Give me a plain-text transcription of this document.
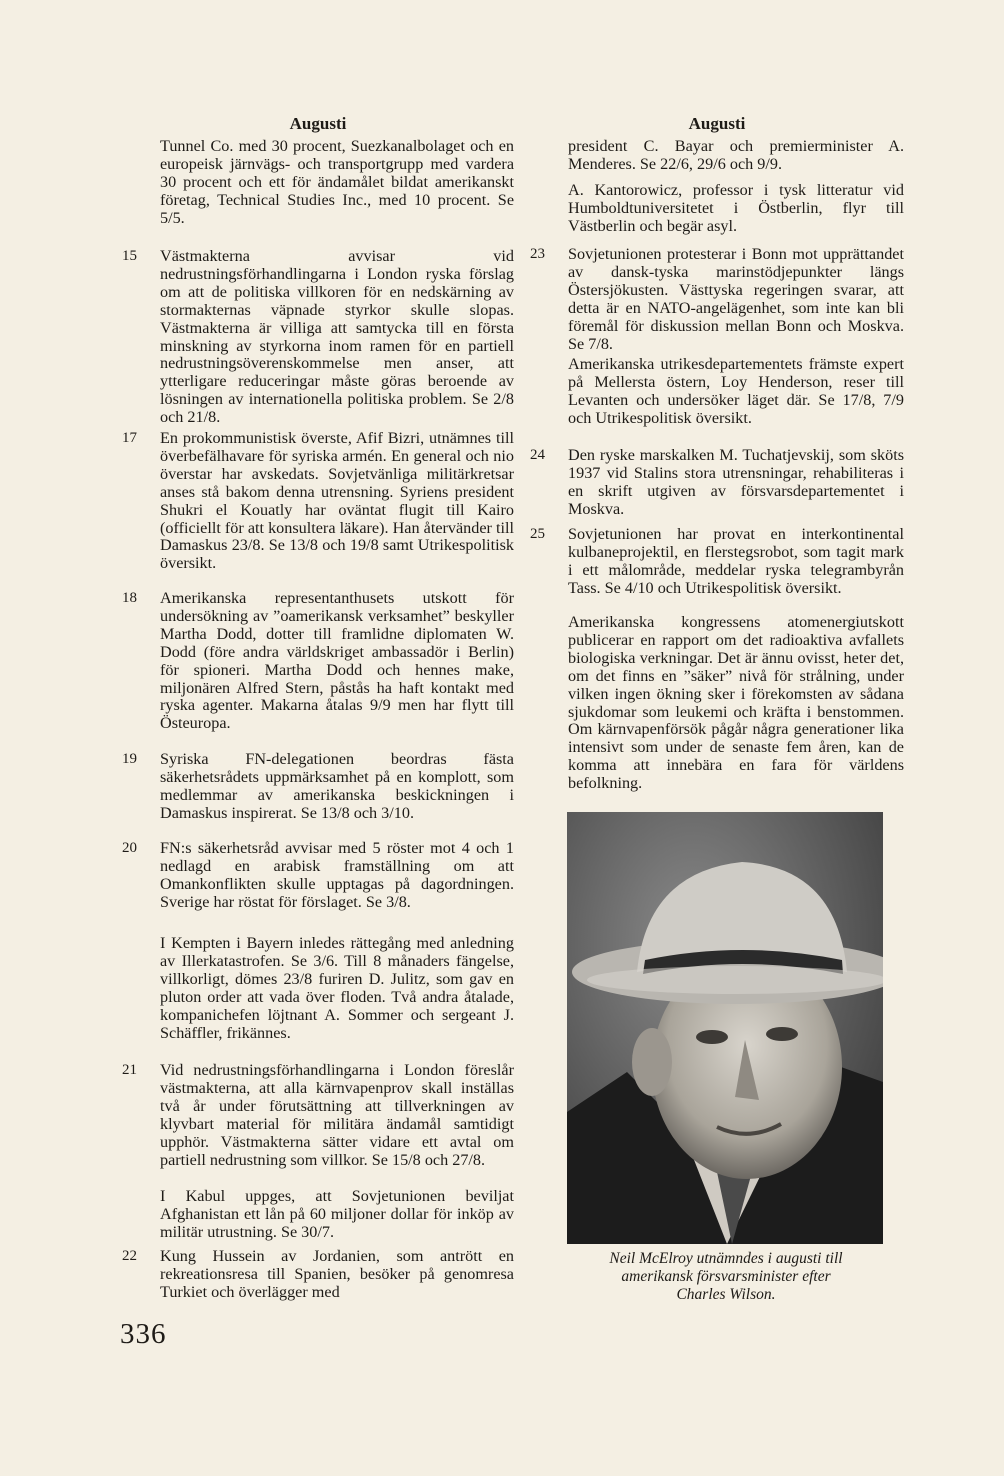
Augusti
Tunnel Co. med 30 procent, Suezkanalbolaget och en europeisk järnvägs- och transportgrupp med vardera 30 procent och ett för ändamålet bildat amerikanskt företag, Technical Studies Inc., med 10 procent. Se 5/5.
15	Västmakterna avvisar vid nedrustningsförhandlingarna i London ryska förslag om att de politiska villkoren för en nedskärning av stormakternas väpnade styrkor skulle slopas. Västmakterna är villiga att samtycka till en första minskning av styrkorna inom ramen för en partiell nedrustningsöverenskommelse men anser, att ytterligare reduceringar måste göras beroende av lösningen av internationella politiska problem. Se 2/8 och 21/8.
17	En prokommunistisk överste, Afif Bizri, utnämnes till överbefälhavare för syriska armén. En general och nio överstar har avskedats. Sovjetvänliga militärkretsar anses stå bakom denna utrensning. Syriens president Shukri el Kouatly har oväntat flugit till Kairo (officiellt för att konsultera läkare). Han återvänder till Damaskus 23/8. Se 13/8 och 19/8 samt Utrikespolitisk översikt.
18	Amerikanska representanthusets utskott för undersökning av ”oamerikansk verksamhet” beskyller Martha Dodd, dotter till framlidne diplomaten W. Dodd (före andra världskriget ambassadör i Berlin) för spioneri. Martha Dodd och hennes make, miljonären Alfred Stern, påstås ha haft kontakt med ryska agenter. Makarna åtalas 9/9 men har flytt till Östeuropa.
19	Syriska FN-delegationen beordras fästa säkerhetsrådets uppmärksamhet på en komplott, som medlemmar av amerikanska beskickningen i Damaskus inspirerat. Se 13/8 och 3/10.
20	FN:s säkerhetsråd avvisar med 5 röster mot 4 och 1 nedlagd en arabisk framställning om att Omankonflikten skulle upptagas på dagordningen. Sverige har röstat för förslaget. Se 3/8.
I Kempten i Bayern inledes rättegång med anledning av Illerkatastrofen. Se 3/6. Till 8 månaders fängelse, villkorligt, dömes 23/8 furiren D. Julitz, som gav en pluton order att vada över floden. Två andra åtalade, kompanichefen löjtnant A. Sommer och sergeant J. Schäffler, frikännes.
21	Vid nedrustningsförhandlingarna i London föreslår västmakterna, att alla kärnvapenprov skall inställas två år under förutsättning att tillverkningen av klyvbart material för militära ändamål samtidigt upphör. Västmakterna sätter vidare ett avtal om partiell nedrustning som villkor. Se 15/8 och 27/8.
I Kabul uppges, att Sovjetunionen beviljat Afghanistan ett lån på 60 miljoner dollar för inköp av militär utrustning. Se 30/7.
22	Kung Hussein av Jordanien, som antrött en rekreationsresa till Spanien, besöker på genomresa Turkiet och överlägger med
Augusti
president C. Bayar och premierminister A. Menderes. Se 22/6, 29/6 och 9/9.
A. Kantorowicz, professor i tysk litteratur vid Humboldtuniversitetet i Östberlin, flyr till Västberlin och begär asyl.
23	Sovjetunionen protesterar i Bonn mot upprättandet av dansk-tyska marinstödjepunkter längs Östersjökusten. Västtyska regeringen svarar, att detta är en NATO-angelägenhet, som inte kan bli föremål för diskussion mellan Bonn och Moskva. Se 7/8.
Amerikanska utrikesdepartementets främste expert på Mellersta östern, Loy Henderson, reser till Levanten och undersöker läget där. Se 17/8, 7/9 och Utrikespolitisk översikt.
24	Den ryske marskalken M. Tuchatjevskij, som sköts 1937 vid Stalins stora utrensningar, rehabiliteras i en skrift utgiven av försvarsdepartementet i Moskva.
25	Sovjetunionen har provat en interkontinental kulbaneprojektil, en flerstegsrobot, som tagit mark i ett målområde, meddelar ryska telegrambyrån Tass. Se 4/10 och Utrikespolitisk översikt.
Amerikanska kongressens atomenergiutskott publicerar en rapport om det radioaktiva avfallets biologiska verkningar. Det är ännu ovisst, heter det, om det finns en ”säker” nivå för strålning, under vilken ingen ökning sker i förekomsten av sådana sjukdomar som leukemi och kräfta i benstommen. Om kärnvapenförsök pågår några generationer lika intensivt som under de senaste fem åren, kan de komma att innebära en fara för världens befolkning.
Neil McElroy utnämndes i augusti till
amerikansk försvarsminister efter
Charles Wilson.
336
